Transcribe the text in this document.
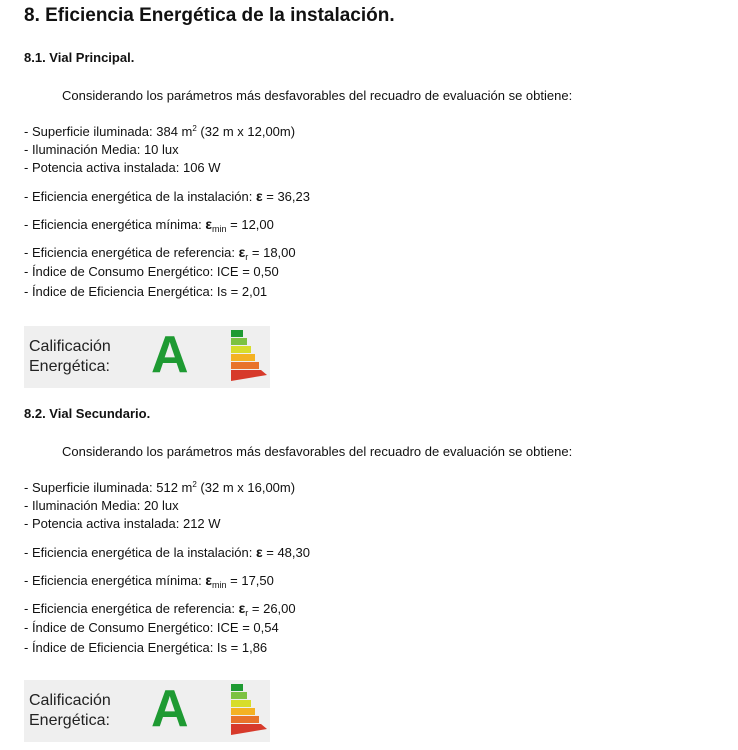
8. Eficiencia Energética de la instalación.
8.1. Vial Principal.
Considerando los parámetros más desfavorables del recuadro de evaluación se obtiene:
- Superficie iluminada: 384 $m^2$ (32 m x 12,00m)
- Iluminación Media: 10 lux
- Potencia activa instalada: 106 W
- Eficiencia energética de la instalación: ε = 36,23
- Eficiencia energética mínima: $\varepsilon_{min} = 12,00$
- Eficiencia energética de referencia: $\varepsilon_r = 18,00$
- Índice de Consumo Energético: ICE = 0,50
- Índice de Eficiencia Energética: Is = 2,01
Calificación
Energética: A
8.2. Vial Secundario.
Considerando los parámetros más desfavorables del recuadro de evaluación se obtiene:
- Superficie iluminada: 512 $m^2$ (32 m x 16,00m)
- Iluminación Media: 20 lux
- Potencia activa instalada: 212 W
- Eficiencia energética de la instalación: ε = 48,30
- Eficiencia energética mínima: $\varepsilon_{min} = 17,50$
- Eficiencia energética de referencia: $\varepsilon_r = 26,00$
- Índice de Consumo Energético: ICE = 0,54
- Índice de Eficiencia Energética: Is = 1,86
Calificación
Energética: A
